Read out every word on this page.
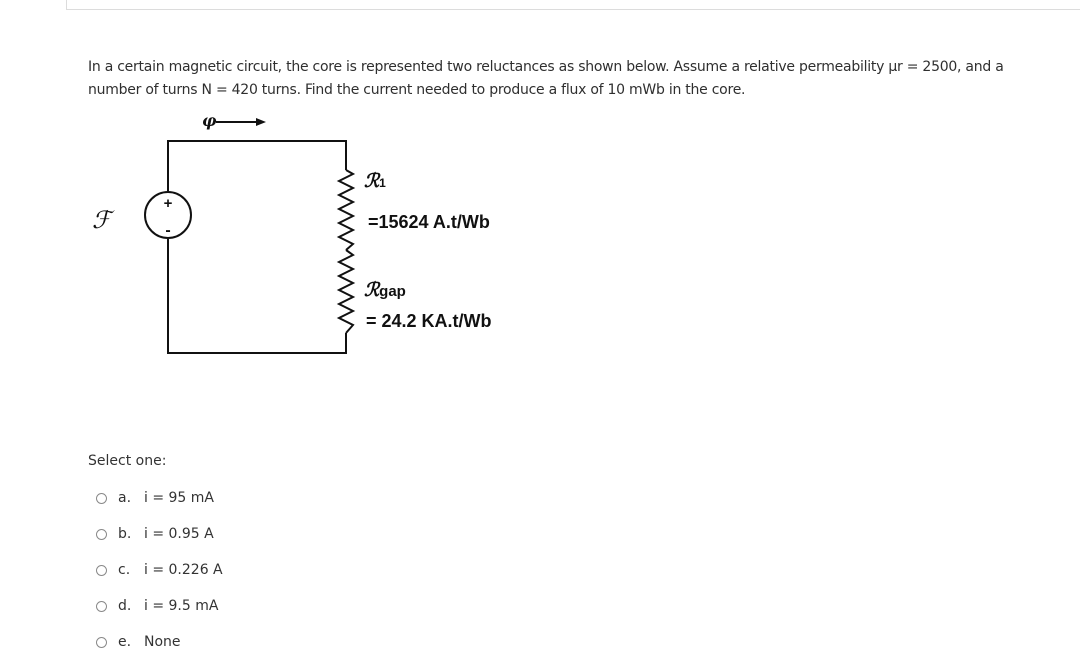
In a certain magnetic circuit, the core is represented two reluctances as shown below. Assume a relative permeability μr = 2500, and a
number of turns N = 420 turns. Find the current needed to produce a flux of 10 mWb in the core.
φ
+
-
ℱ
ℛ1
=15624 A.t/Wb
ℛgap
= 24.2 KA.t/Wb
Select one:
a. i = 95 mA
b. i = 0.95 A
c. i = 0.226 A
d. i = 9.5 mA
e. None
